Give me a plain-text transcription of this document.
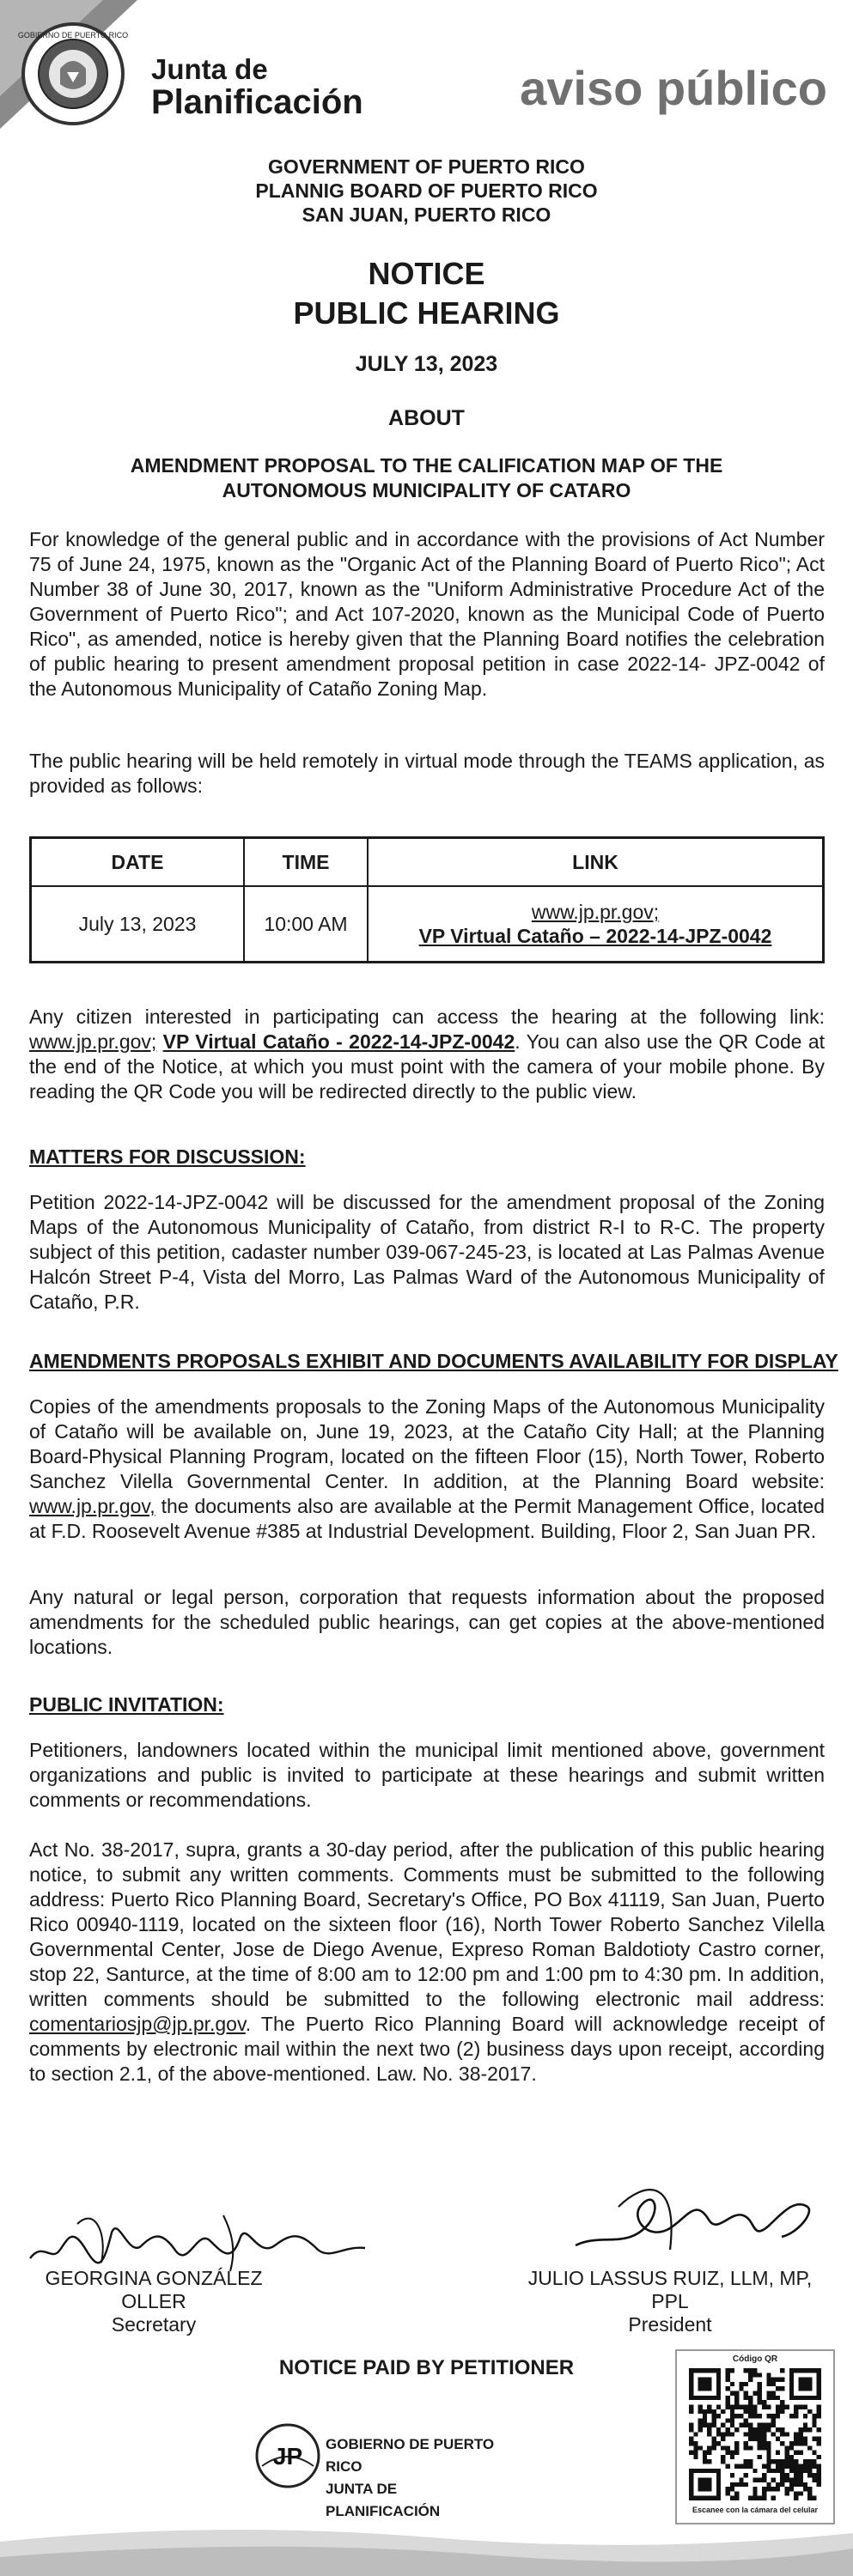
GOBIERNO DE PUERTO RICO
Junta de
Planificación	aviso público
GOVERNMENT OF PUERTO RICO
PLANNIG BOARD OF PUERTO RICO
SAN JUAN, PUERTO RICO
NOTICE
PUBLIC HEARING
JULY 13, 2023
ABOUT
AMENDMENT PROPOSAL TO THE CALIFICATION MAP OF THE
AUTONOMOUS MUNICIPALITY OF CATARO
For knowledge of the general public and in accordance with the provisions of Act Number 75 of June 24, 1975, known as the "Organic Act of the Planning Board of Puerto Rico"; Act Number 38 of June 30, 2017, known as the "Uniform Administrative Procedure Act of the Government of Puerto Rico"; and Act 107-2020, known as the Municipal Code of Puerto Rico", as amended, notice is hereby given that the Planning Board notifies the celebration of public hearing to present amendment proposal petition in case 2022-14- JPZ-0042 of the Autonomous Municipality of Cataño Zoning Map.
The public hearing will be held remotely in virtual mode through the TEAMS application, as provided as follows:
DATE	TIME	LINK
July 13, 2023	10:00 AM	www.jp.pr.gov;
VP Virtual Cataño – 2022-14-JPZ-0042
Any citizen interested in participating can access the hearing at the following link: www.jp.pr.gov; VP Virtual Cataño - 2022-14-JPZ-0042. You can also use the QR Code at the end of the Notice, at which you must point with the camera of your mobile phone. By reading the QR Code you will be redirected directly to the public view.
MATTERS FOR DISCUSSION:
Petition 2022-14-JPZ-0042 will be discussed for the amendment proposal of the Zoning Maps of the Autonomous Municipality of Cataño, from district R-I to R-C. The property subject of this petition, cadaster number 039-067-245-23, is located at Las Palmas Avenue Halcón Street P-4, Vista del Morro, Las Palmas Ward of the Autonomous Municipality of Cataño, P.R.
AMENDMENTS PROPOSALS EXHIBIT AND DOCUMENTS AVAILABILITY FOR DISPLAY
Copies of the amendments proposals to the Zoning Maps of the Autonomous Municipality of Cataño will be available on, June 19, 2023, at the Cataño City Hall; at the Planning Board-Physical Planning Program, located on the fifteen Floor (15), North Tower, Roberto Sanchez Vilella Governmental Center. In addition, at the Planning Board website: www.jp.pr.gov, the documents also are available at the Permit Management Office, located at F.D. Roosevelt Avenue #385 at Industrial Development. Building, Floor 2, San Juan PR.
Any natural or legal person, corporation that requests information about the proposed amendments for the scheduled public hearings, can get copies at the above-mentioned locations.
PUBLIC INVITATION:
Petitioners, landowners located within the municipal limit mentioned above, government organizations and public is invited to participate at these hearings and submit written comments or recommendations.
Act No. 38-2017, supra, grants a 30-day period, after the publication of this public hearing notice, to submit any written comments. Comments must be submitted to the following address: Puerto Rico Planning Board, Secretary's Office, PO Box 41119, San Juan, Puerto Rico 00940-1119, located on the sixteen floor (16), North Tower Roberto Sanchez Vilella Governmental Center, Jose de Diego Avenue, Expreso Roman Baldotioty Castro corner, stop 22, Santurce, at the time of 8:00 am to 12:00 pm and 1:00 pm to 4:30 pm. In addition, written comments should be submitted to the following electronic mail address: comentariosjp@jp.pr.gov. The Puerto Rico Planning Board will acknowledge receipt of comments by electronic mail within the next two (2) business days upon receipt, according to section 2.1, of the above-mentioned. Law. No. 38-2017.
GEORGINA GONZÁLEZ OLLER
Secretary
JULIO LASSUS RUIZ, LLM, MP, PPL
President
NOTICE PAID BY PETITIONER
JP GOBIERNO DE PUERTO RICO
JUNTA DE PLANIFICACIÓN
Código QR
Escanee con la cámara del celular
